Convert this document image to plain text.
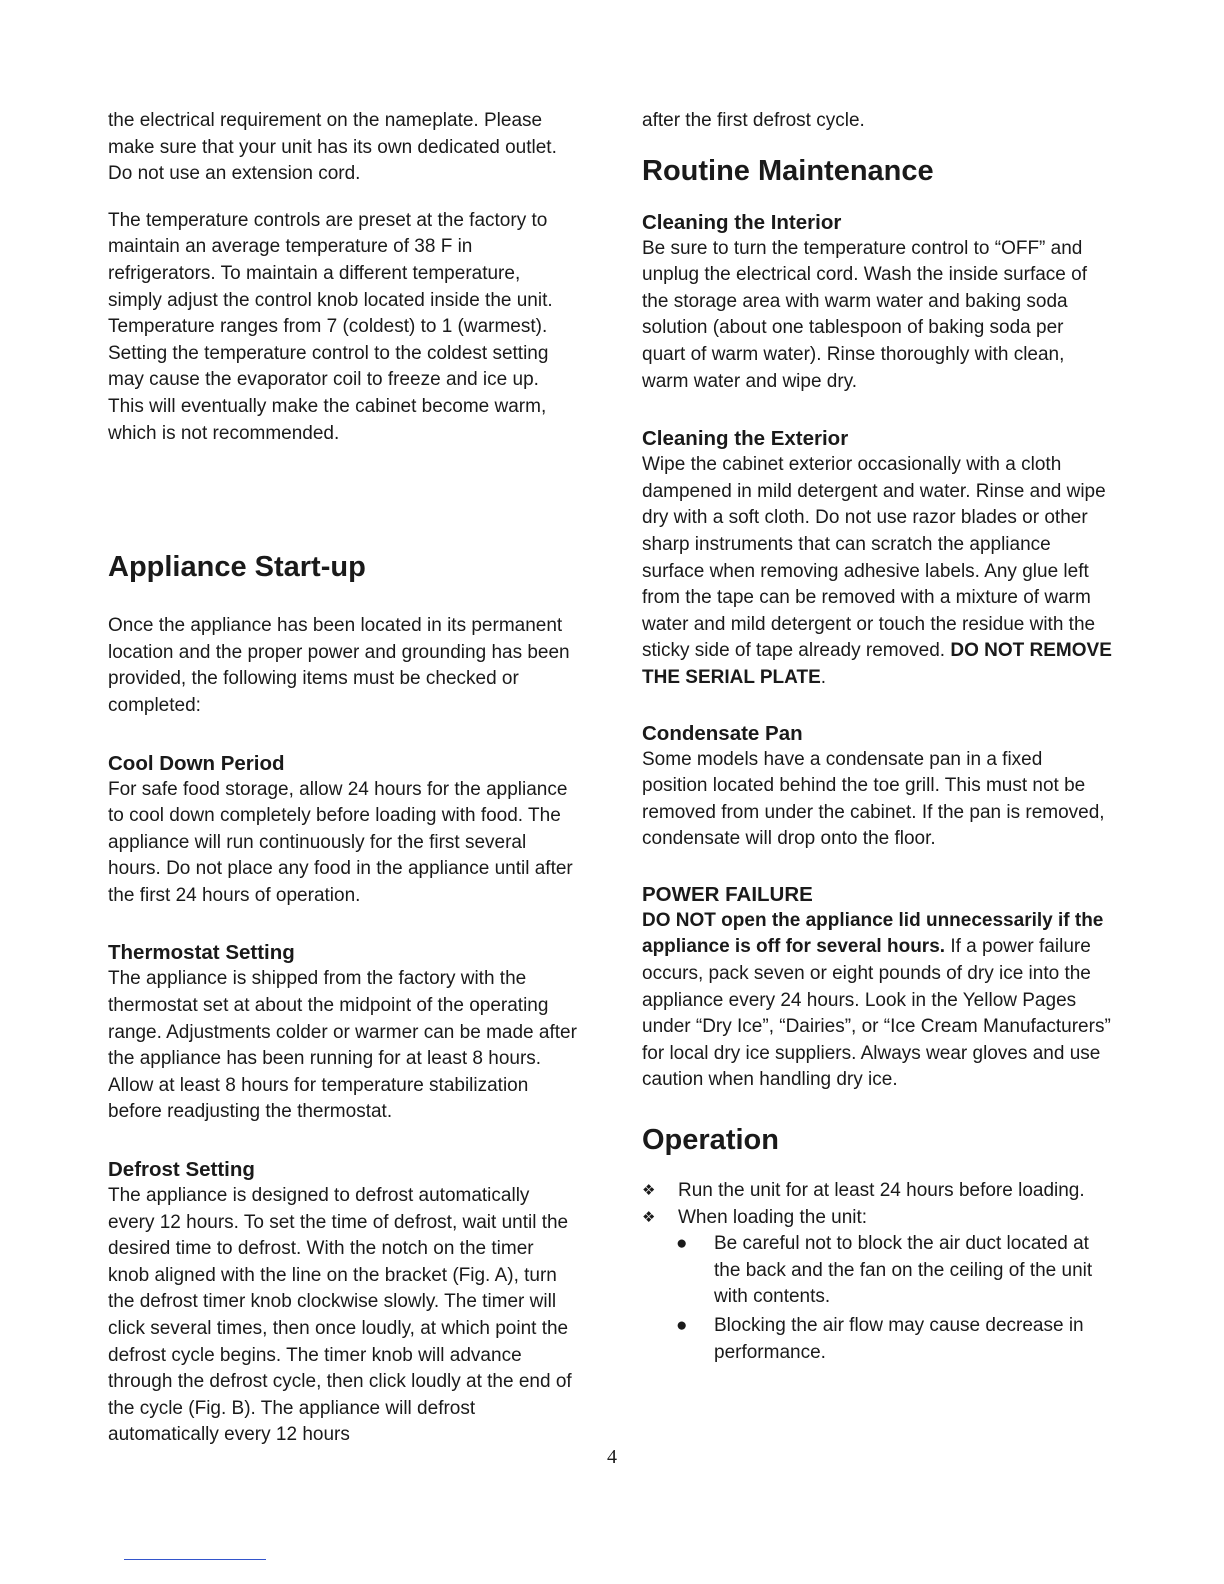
the electrical requirement on the nameplate. Please make sure that your unit has its own dedicated outlet. Do not use an extension cord.

The temperature controls are preset at the factory to maintain an average temperature of 38 F in refrigerators. To maintain a different temperature, simply adjust the control knob located inside the unit. Temperature ranges from 7 (coldest) to 1 (warmest). Setting the temperature control to the coldest setting may cause the evaporator coil to freeze and ice up. This will eventually make the cabinet become warm, which is not recommended.

Appliance Start-up

Once the appliance has been located in its permanent location and the proper power and grounding has been provided, the following items must be checked or completed:

Cool Down Period

For safe food storage, allow 24 hours for the appliance to cool down completely before loading with food. The appliance will run continuously for the first several hours. Do not place any food in the appliance until after the first 24 hours of operation.

Thermostat Setting

The appliance is shipped from the factory with the thermostat set at about the midpoint of the operating range. Adjustments colder or warmer can be made after the appliance has been running for at least 8 hours. Allow at least 8 hours for temperature stabilization before readjusting the thermostat.

Defrost Setting

The appliance is designed to defrost automatically every 12 hours. To set the time of defrost, wait until the desired time to defrost. With the notch on the timer knob aligned with the line on the bracket (Fig. A), turn the defrost timer knob clockwise slowly. The timer will click several times, then once loudly, at which point the defrost cycle begins. The timer knob will advance through the defrost cycle, then click loudly at the end of the cycle (Fig. B). The appliance will defrost automatically every 12 hours

after the first defrost cycle.

Routine Maintenance
Cleaning the Interior

Be sure to turn the temperature control to “OFF” and unplug the electrical cord. Wash the inside surface of the storage area with warm water and baking soda solution (about one tablespoon of baking soda per quart of warm water). Rinse thoroughly with clean, warm water and wipe dry.

Cleaning the Exterior

Wipe the cabinet exterior occasionally with a cloth dampened in mild detergent and water. Rinse and wipe dry with a soft cloth. Do not use razor blades or other sharp instruments that can scratch the appliance surface when removing adhesive labels. Any glue left from the tape can be removed with a mixture of warm water and mild detergent or touch the residue with the sticky side of tape already removed. DO NOT REMOVE THE SERIAL PLATE.

Condensate Pan

Some models have a condensate pan in a fixed position located behind the toe grill. This must not be removed from under the cabinet. If the pan is removed, condensate will drop onto the floor.

POWER FAILURE

DO NOT open the appliance lid unnecessarily if the appliance is off for several hours. If a power failure occurs, pack seven or eight pounds of dry ice into the appliance every 24 hours. Look in the Yellow Pages under “Dry Ice”, “Dairies”, or “Ice Cream Manufacturers” for local dry ice suppliers. Always wear gloves and use caution when handling dry ice.

Operation
❖ Run the unit for at least 24 hours before loading.
❖ When loading the unit:
● Be careful not to block the air duct located at the back and the fan on the ceiling of the unit with contents.
● Blocking the air flow may cause decrease in performance.
4
